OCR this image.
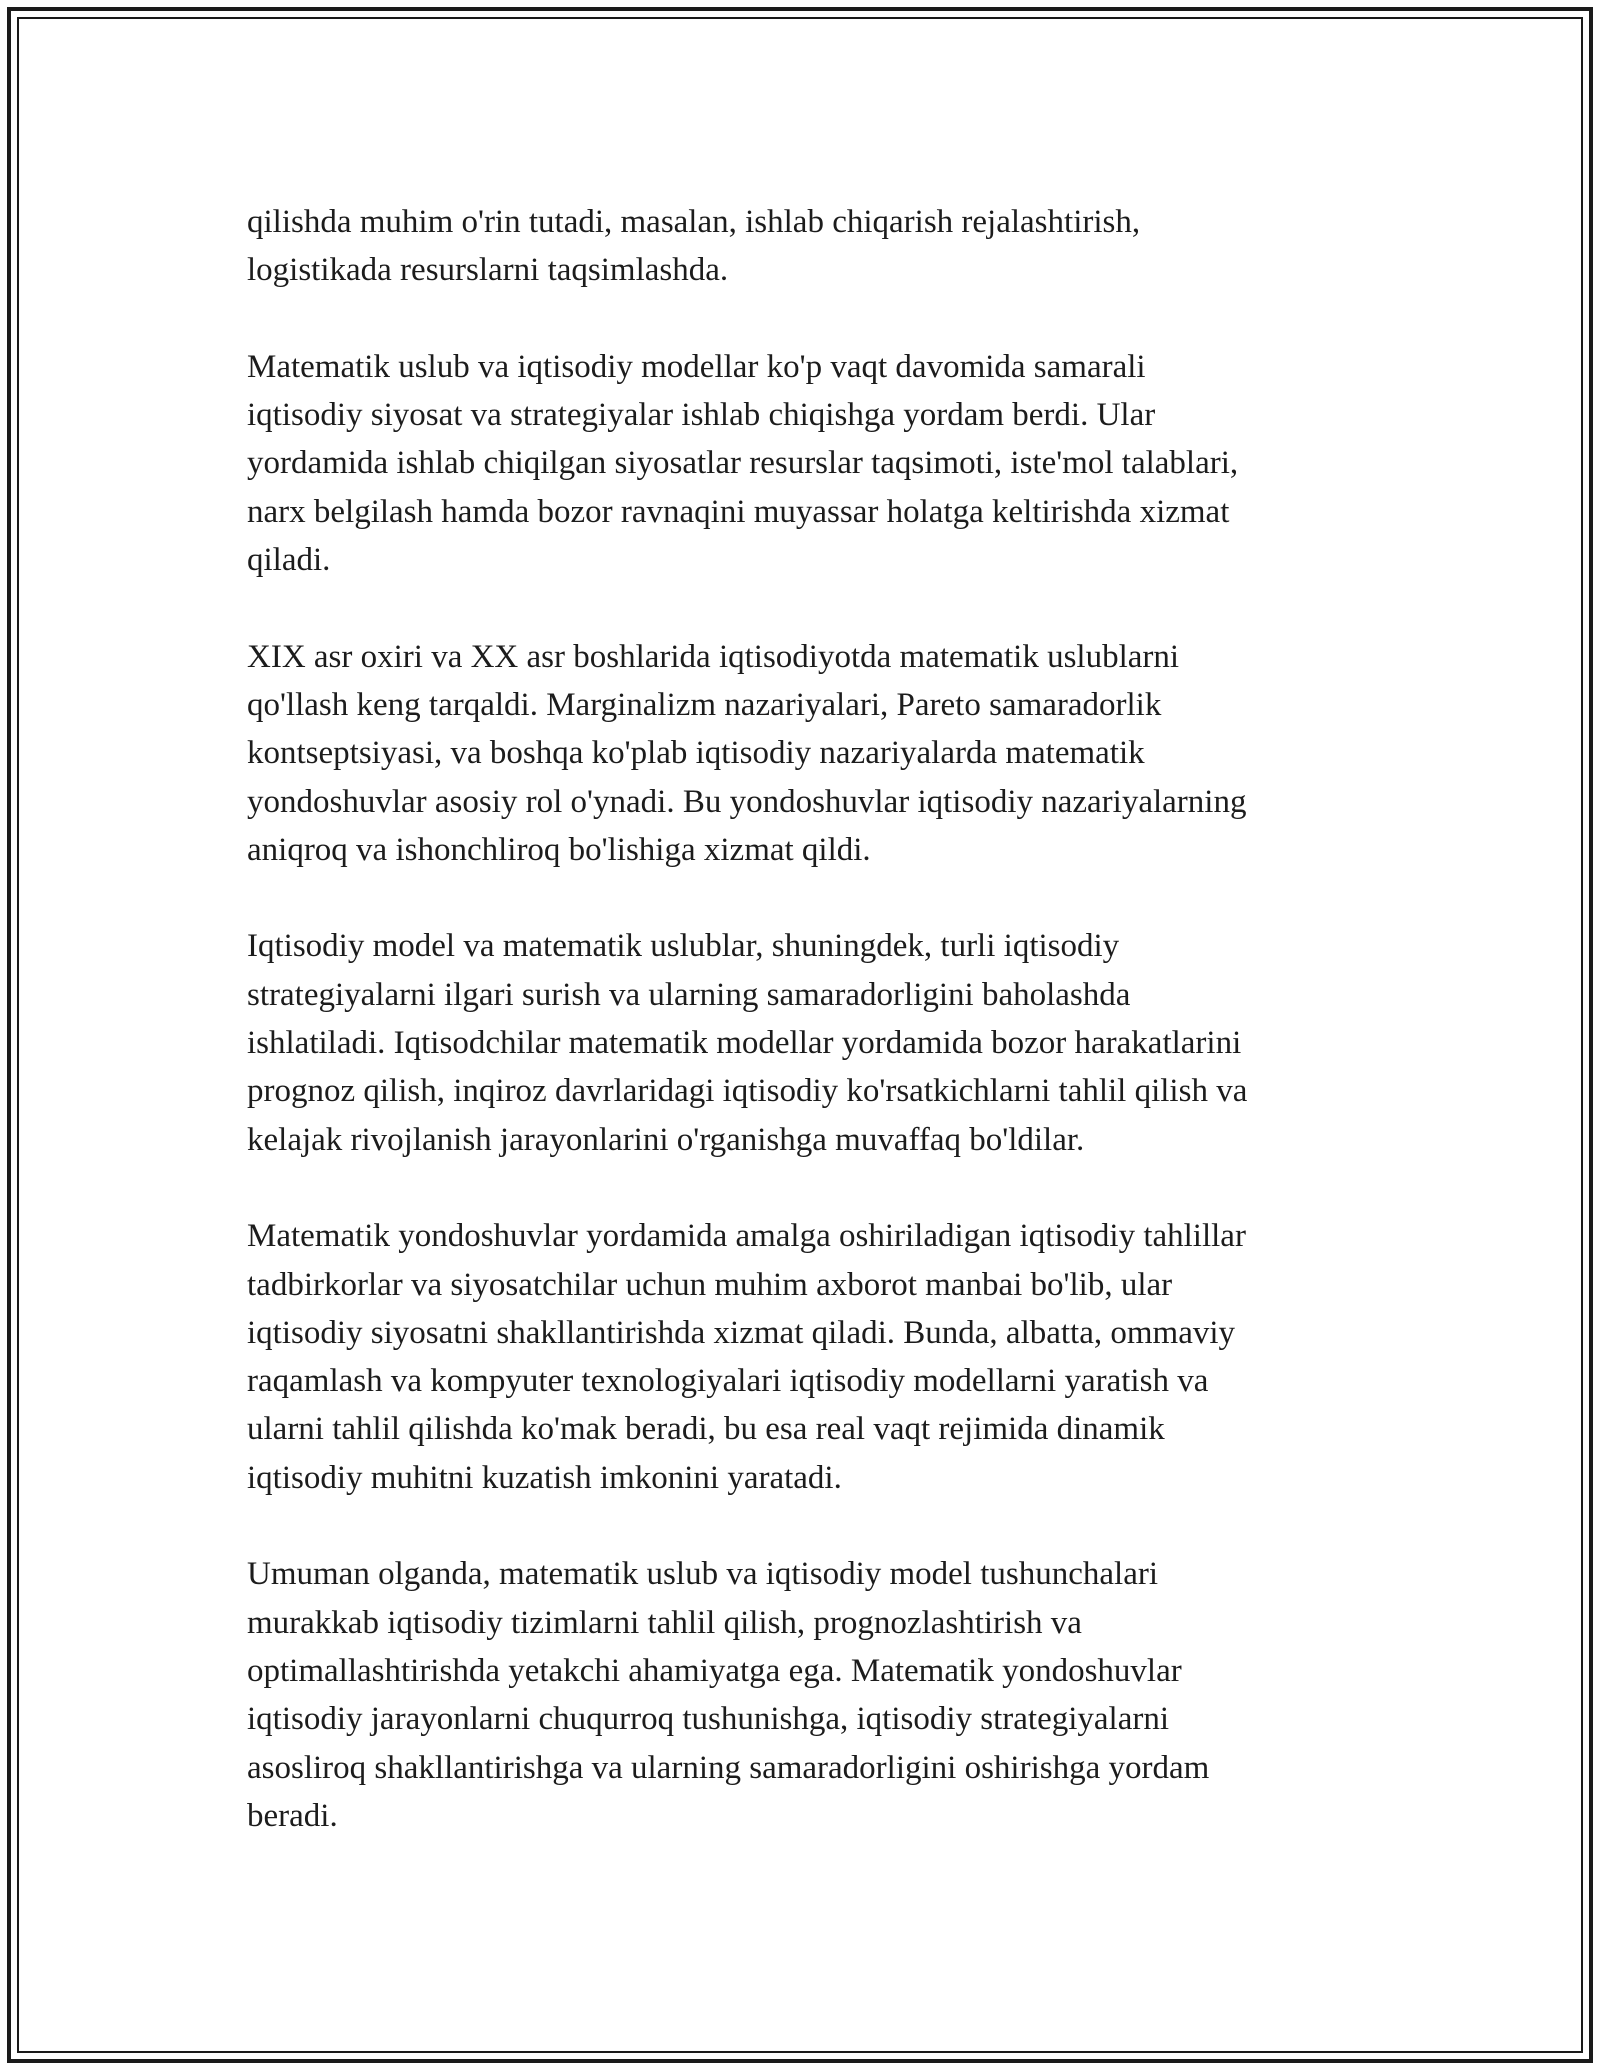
qilishda muhim o'rin tutadi, masalan, ishlab chiqarish rejalashtirish,
logistikada resurslarni taqsimlashda.

Matematik uslub va iqtisodiy modellar ko'p vaqt davomida samarali
iqtisodiy siyosat va strategiyalar ishlab chiqishga yordam berdi. Ular
yordamida ishlab chiqilgan siyosatlar resurslar taqsimoti, iste'mol talablari,
narx belgilash hamda bozor ravnaqini muyassar holatga keltirishda xizmat
qiladi.

XIX asr oxiri va XX asr boshlarida iqtisodiyotda matematik uslublarni
qo'llash keng tarqaldi. Marginalizm nazariyalari, Pareto samaradorlik
kontseptsiyasi, va boshqa ko'plab iqtisodiy nazariyalarda matematik
yondoshuvlar asosiy rol o'ynadi. Bu yondoshuvlar iqtisodiy nazariyalarning
aniqroq va ishonchliroq bo'lishiga xizmat qildi.

Iqtisodiy model va matematik uslublar, shuningdek, turli iqtisodiy
strategiyalarni ilgari surish va ularning samaradorligini baholashda
ishlatiladi. Iqtisodchilar matematik modellar yordamida bozor harakatlarini
prognoz qilish, inqiroz davrlaridagi iqtisodiy ko'rsatkichlarni tahlil qilish va
kelajak rivojlanish jarayonlarini o'rganishga muvaffaq bo'ldilar.

Matematik yondoshuvlar yordamida amalga oshiriladigan iqtisodiy tahlillar
tadbirkorlar va siyosatchilar uchun muhim axborot manbai bo'lib, ular
iqtisodiy siyosatni shakllantirishda xizmat qiladi. Bunda, albatta, ommaviy
raqamlash va kompyuter texnologiyalari iqtisodiy modellarni yaratish va
ularni tahlil qilishda ko'mak beradi, bu esa real vaqt rejimida dinamik
iqtisodiy muhitni kuzatish imkonini yaratadi.

Umuman olganda, matematik uslub va iqtisodiy model tushunchalari
murakkab iqtisodiy tizimlarni tahlil qilish, prognozlashtirish va
optimallashtirishda yetakchi ahamiyatga ega. Matematik yondoshuvlar
iqtisodiy jarayonlarni chuqurroq tushunishga, iqtisodiy strategiyalarni
asosliroq shakllantirishga va ularning samaradorligini oshirishga yordam
beradi.
